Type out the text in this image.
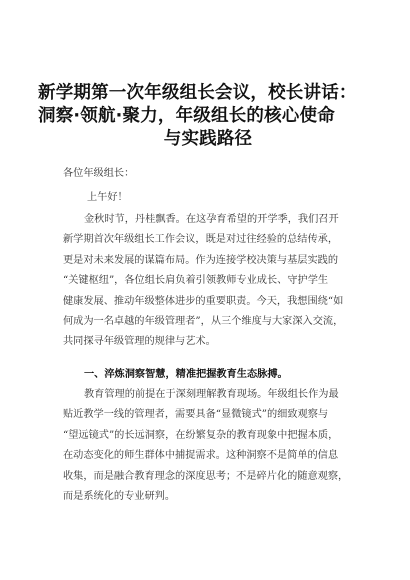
新学期第一次年级组长会议，校长讲话：
洞察·领航·聚力，年级组长的核心使命
与实践路径
各位年级组长：
上午好！
金秋时节，丹桂飘香。在这孕育希望的开学季，我们召开
新学期首次年级组长工作会议，既是对过往经验的总结传承，
更是对未来发展的谋篇布局。作为连接学校决策与基层实践的
“关键枢纽”，各位组长肩负着引领教师专业成长、守护学生
健康发展、推动年级整体进步的重要职责。今天，我想围绕“如
何成为一名卓越的年级管理者”，从三个维度与大家深入交流，
共同探寻年级管理的规律与艺术。
一、淬炼洞察智慧，精准把握教育生态脉搏。
教育管理的前提在于深刻理解教育现场。年级组长作为最
贴近教学一线的管理者，需要具备“显微镜式”的细致观察与
“望远镜式”的长远洞察，在纷繁复杂的教育现象中把握本质，
在动态变化的师生群体中捕捉需求。这种洞察不是简单的信息
收集，而是融合教育理念的深度思考；不是碎片化的随意观察，
而是系统化的专业研判。
